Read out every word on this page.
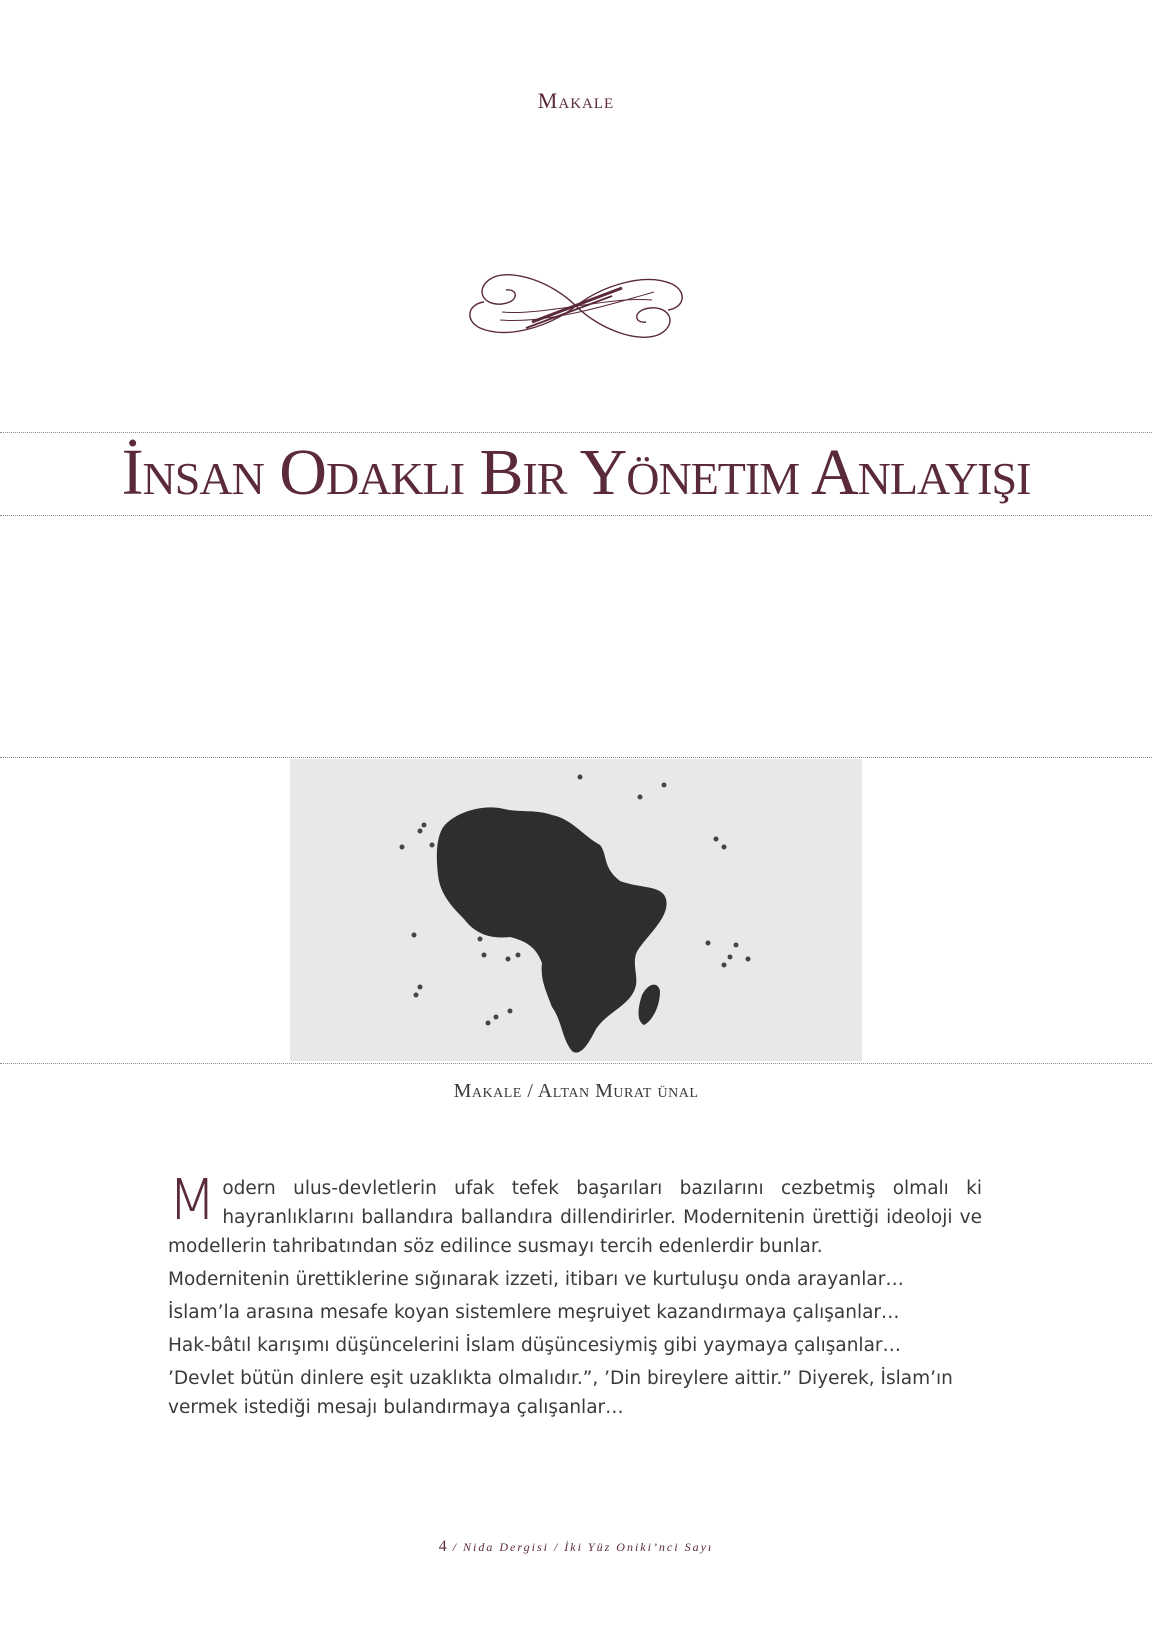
Makale
İnsan Odaklı Bir Yönetim Anlayışı
Makale / Altan Murat ünal

Modern ulus-devletlerin ufak tefek başarıları bazılarını cezbetmiş olmalı ki hayranlıklarını ballandıra ballandıra dillendirirler. Modernitenin ürettiği ideoloji ve modellerin tahribatından söz edilince susmayı tercih edenlerdir bunlar.

Modernitenin ürettiklerine sığınarak izzeti, itibarı ve kurtuluşu onda arayanlar…

İslam’la arasına mesafe koyan sistemlere meşruiyet kazandırmaya çalışanlar…

Hak-bâtıl karışımı düşüncelerini İslam düşüncesiymiş gibi yaymaya çalışanlar…

’Devlet bütün dinlere eşit uzaklıkta olmalıdır.”, ’Din bireylere aittir.” Diyerek, İslam’ın vermek istediği mesajı bulandırmaya çalışanlar…

4 / Nida Dergisi / İki Yüz Oniki’nci Sayı
